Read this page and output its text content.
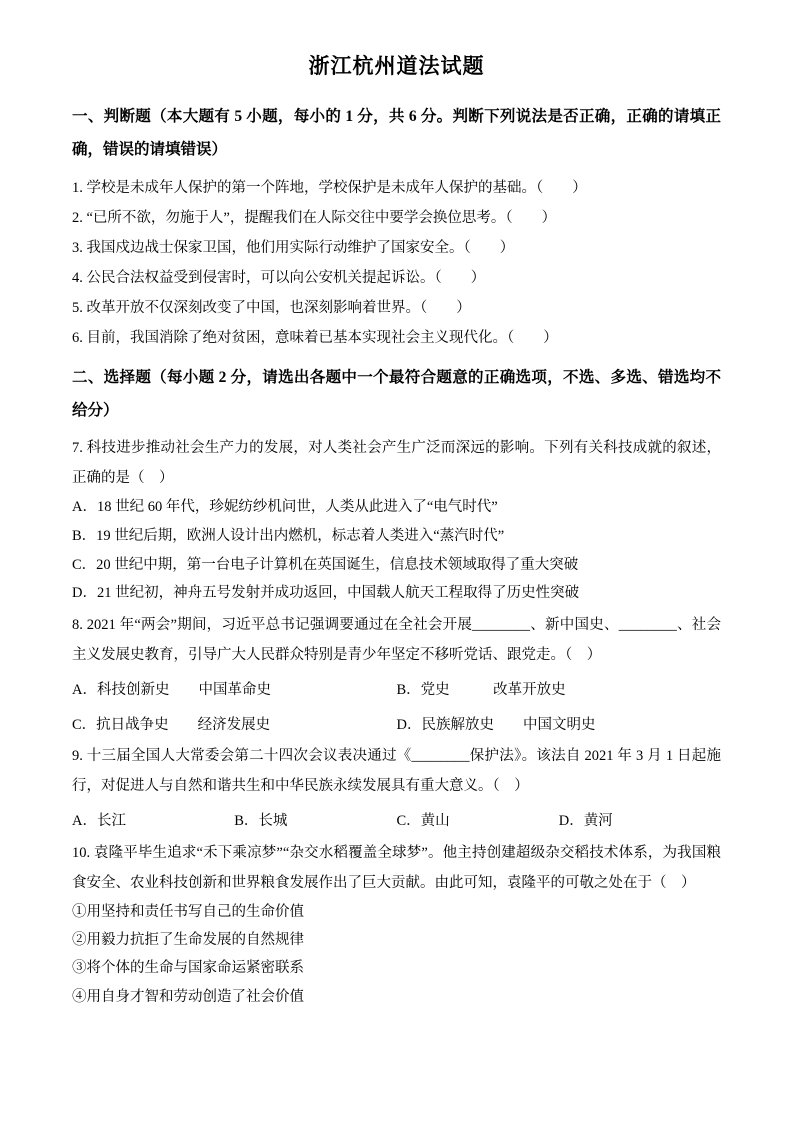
浙江杭州道法试题

一、判断题（本大题有 5 小题，每小的 1 分，共 6 分。判断下列说法是否正确，正确的请填正确，错误的请填错误）

1. 学校是未成年人保护的第一个阵地，学校保护是未成年人保护的基础。（　　）

2. “已所不欲，勿施于人”，提醒我们在人际交往中要学会换位思考。（　　）

3. 我国戍边战士保家卫国，他们用实际行动维护了国家安全。（　　）

4. 公民合法权益受到侵害时，可以向公安机关提起诉讼。（　　）

5. 改革开放不仅深刻改变了中国，也深刻影响着世界。（　　）

6. 目前，我国消除了绝对贫困，意味着已基本实现社会主义现代化。（　　）

二、选择题（每小题 2 分，请选出各题中一个最符合题意的正确选项，不选、多选、错选均不给分）

7. 科技进步推动社会生产力的发展，对人类社会产生广泛而深远的影响。下列有关科技成就的叙述，正确的是（　）

A．18 世纪 60 年代，珍妮纺纱机问世，人类从此进入了“电气时代”

B．19 世纪后期，欧洲人设计出内燃机，标志着人类进入“蒸汽时代”

C．20 世纪中期，第一台电子计算机在英国诞生，信息技术领域取得了重大突破

D．21 世纪初，神舟五号发射并成功返回，中国载人航天工程取得了历史性突破

8. 2021 年“两会”期间，习近平总书记强调要通过在全社会开展________、新中国史、________、社会主义发展史教育，引导广大人民群众特别是青少年坚定不移听党话、跟党走。（　）

A．科技创新史　　中国革命史	B．党史　　　改革开放史
C．抗日战争史　　经济发展史	D．民族解放史　　中国文明史

9. 十三届全国人大常委会第二十四次会议表决通过《________保护法》。该法自 2021 年 3 月 1 日起施行，对促进人与自然和谐共生和中华民族永续发展具有重大意义。（　）

A．长江	B．长城	C．黄山	D．黄河

10. 袁隆平毕生追求“禾下乘凉梦”“杂交水稻覆盖全球梦”。他主持创建超级杂交稻技术体系，为我国粮食安全、农业科技创新和世界粮食发展作出了巨大贡献。由此可知，袁隆平的可敬之处在于（　）

①用坚持和责任书写自己的生命价值

②用毅力抗拒了生命发展的自然规律

③将个体的生命与国家命运紧密联系

④用自身才智和劳动创造了社会价值
